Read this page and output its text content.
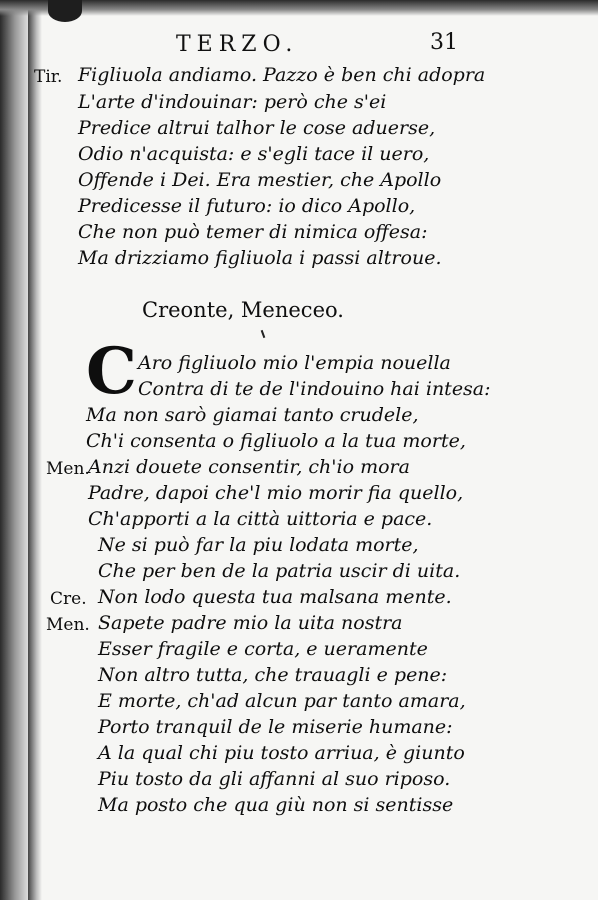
TERZO.	31
Tir. Figliuola andiamo. Pazzo è ben chi adopra
L'arte d'indouinar: però che s'ei
Predice altrui talhor le cose aduerse,
Odio n'acquista: e s'egli tace il uero,
Offende i Dei. Era mestier, che Apollo
Predicesse il futuro: io dico Apollo,
Che non può temer di nimica offesa:
Ma drizziamo figliuola i passi altroue.
Creonte, Meneceo.
C Aro figliuolo mio l'empia nouella
Contra di te de l'indouino hai intesa:
Ma non sarò giamai tanto crudele,
Ch'i consenta o figliuolo a la tua morte,
Men.
Anzi douete consentir, ch'io mora
Padre, dapoi che'l mio morir fia quello,
Ch'apporti a la città uittoria e pace.
Ne si può far la piu lodata morte,
Che per ben de la patria uscir di uita.
Cre. Non lodo questa tua malsana mente.
Men. Sapete padre mio la uita nostra
Esser fragile e corta, e ueramente
Non altro tutta, che trauagli e pene:
E morte, ch'ad alcun par tanto amara,
Porto tranquil de le miserie humane:
A la qual chi piu tosto arriua, è giunto
Piu tosto da gli affanni al suo riposo.
Ma posto che qua giù non si sentisse
